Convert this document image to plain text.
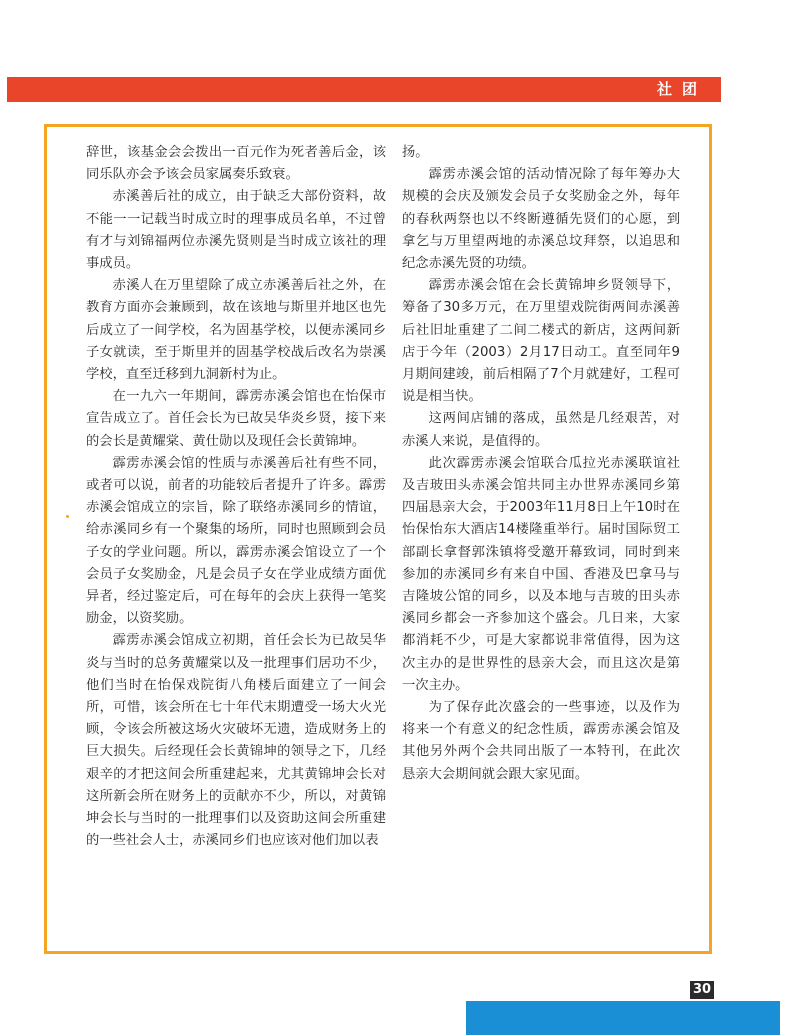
社团

辞世，该基金会会拨出一百元作为死者善后金，该同乐队亦会予该会员家属奏乐致衰。

赤溪善后社的成立，由于缺乏大部份资料，故不能一一记载当时成立时的理事成员名单，不过曾有才与刘锦福两位赤溪先贤则是当时成立该社的理事成员。

赤溪人在万里望除了成立赤溪善后社之外，在教育方面亦会兼顾到，故在该地与斯里并地区也先后成立了一间学校，名为固基学校，以便赤溪同乡子女就读，至于斯里并的固基学校战后改名为崇溪学校，直至迁移到九洞新村为止。

在一九六一年期间，霹雳赤溪会馆也在怡保市宣告成立了。首任会长为已故吴华炎乡贤，接下来的会长是黄耀棠、黄仕勋以及现任会长黄锦坤。

霹雳赤溪会馆的性质与赤溪善后社有些不同，或者可以说，前者的功能较后者提升了许多。霹雳赤溪会馆成立的宗旨，除了联络赤溪同乡的情谊，给赤溪同乡有一个聚集的场所，同时也照顾到会员子女的学业问题。所以，霹雳赤溪会馆设立了一个会员子女奖励金，凡是会员子女在学业成绩方面优异者，经过鉴定后，可在每年的会庆上获得一笔奖励金，以资奖励。

霹雳赤溪会馆成立初期，首任会长为已故吴华炎与当时的总务黄耀棠以及一批理事们居功不少，他们当时在怡保戏院街八角楼后面建立了一间会所，可惜，该会所在七十年代末期遭受一场大火光顾，令该会所被这场火灾破坏无遗，造成财务上的巨大损失。后经现任会长黄锦坤的领导之下，几经艰辛的才把这间会所重建起来，尤其黄锦坤会长对这所新会所在财务上的贡献亦不少，所以，对黄锦坤会长与当时的一批理事们以及资助这间会所重建的一些社会人士，赤溪同乡们也应该对他们加以表

扬。

霹雳赤溪会馆的活动情况除了每年筹办大规模的会庆及颁发会员子女奖励金之外，每年的春秋两祭也以不终断遵循先贤们的心愿，到拿乞与万里望两地的赤溪总坟拜祭，以追思和纪念赤溪先贤的功绩。

霹雳赤溪会馆在会长黄锦坤乡贤领导下，筹备了30多万元，在万里望戏院街两间赤溪善后社旧址重建了二间二楼式的新店，这两间新店于今年（2003）2月17日动工。直至同年9月期间建竣，前后相隔了7个月就建好，工程可说是相当快。

这两间店铺的落成，虽然是几经艰苦，对赤溪人来说，是值得的。

此次霹雳赤溪会馆联合瓜拉光赤溪联谊社及吉玻田头赤溪会馆共同主办世界赤溪同乡第四届恳亲大会，于2003年11月8日上午10时在怡保怡东大酒店14楼隆重举行。届时国际贸工部副长拿督郭洙镇将受邀开幕致词，同时到来参加的赤溪同乡有来自中国、香港及巴拿马与吉隆坡公馆的同乡，以及本地与吉玻的田头赤溪同乡都会一齐参加这个盛会。几日来，大家都消耗不少，可是大家都说非常值得，因为这次主办的是世界性的恳亲大会，而且这次是第一次主办。

为了保存此次盛会的一些事迹，以及作为将来一个有意义的纪念性质，霹雳赤溪会馆及其他另外两个会共同出版了一本特刊，在此次恳亲大会期间就会跟大家见面。

30
